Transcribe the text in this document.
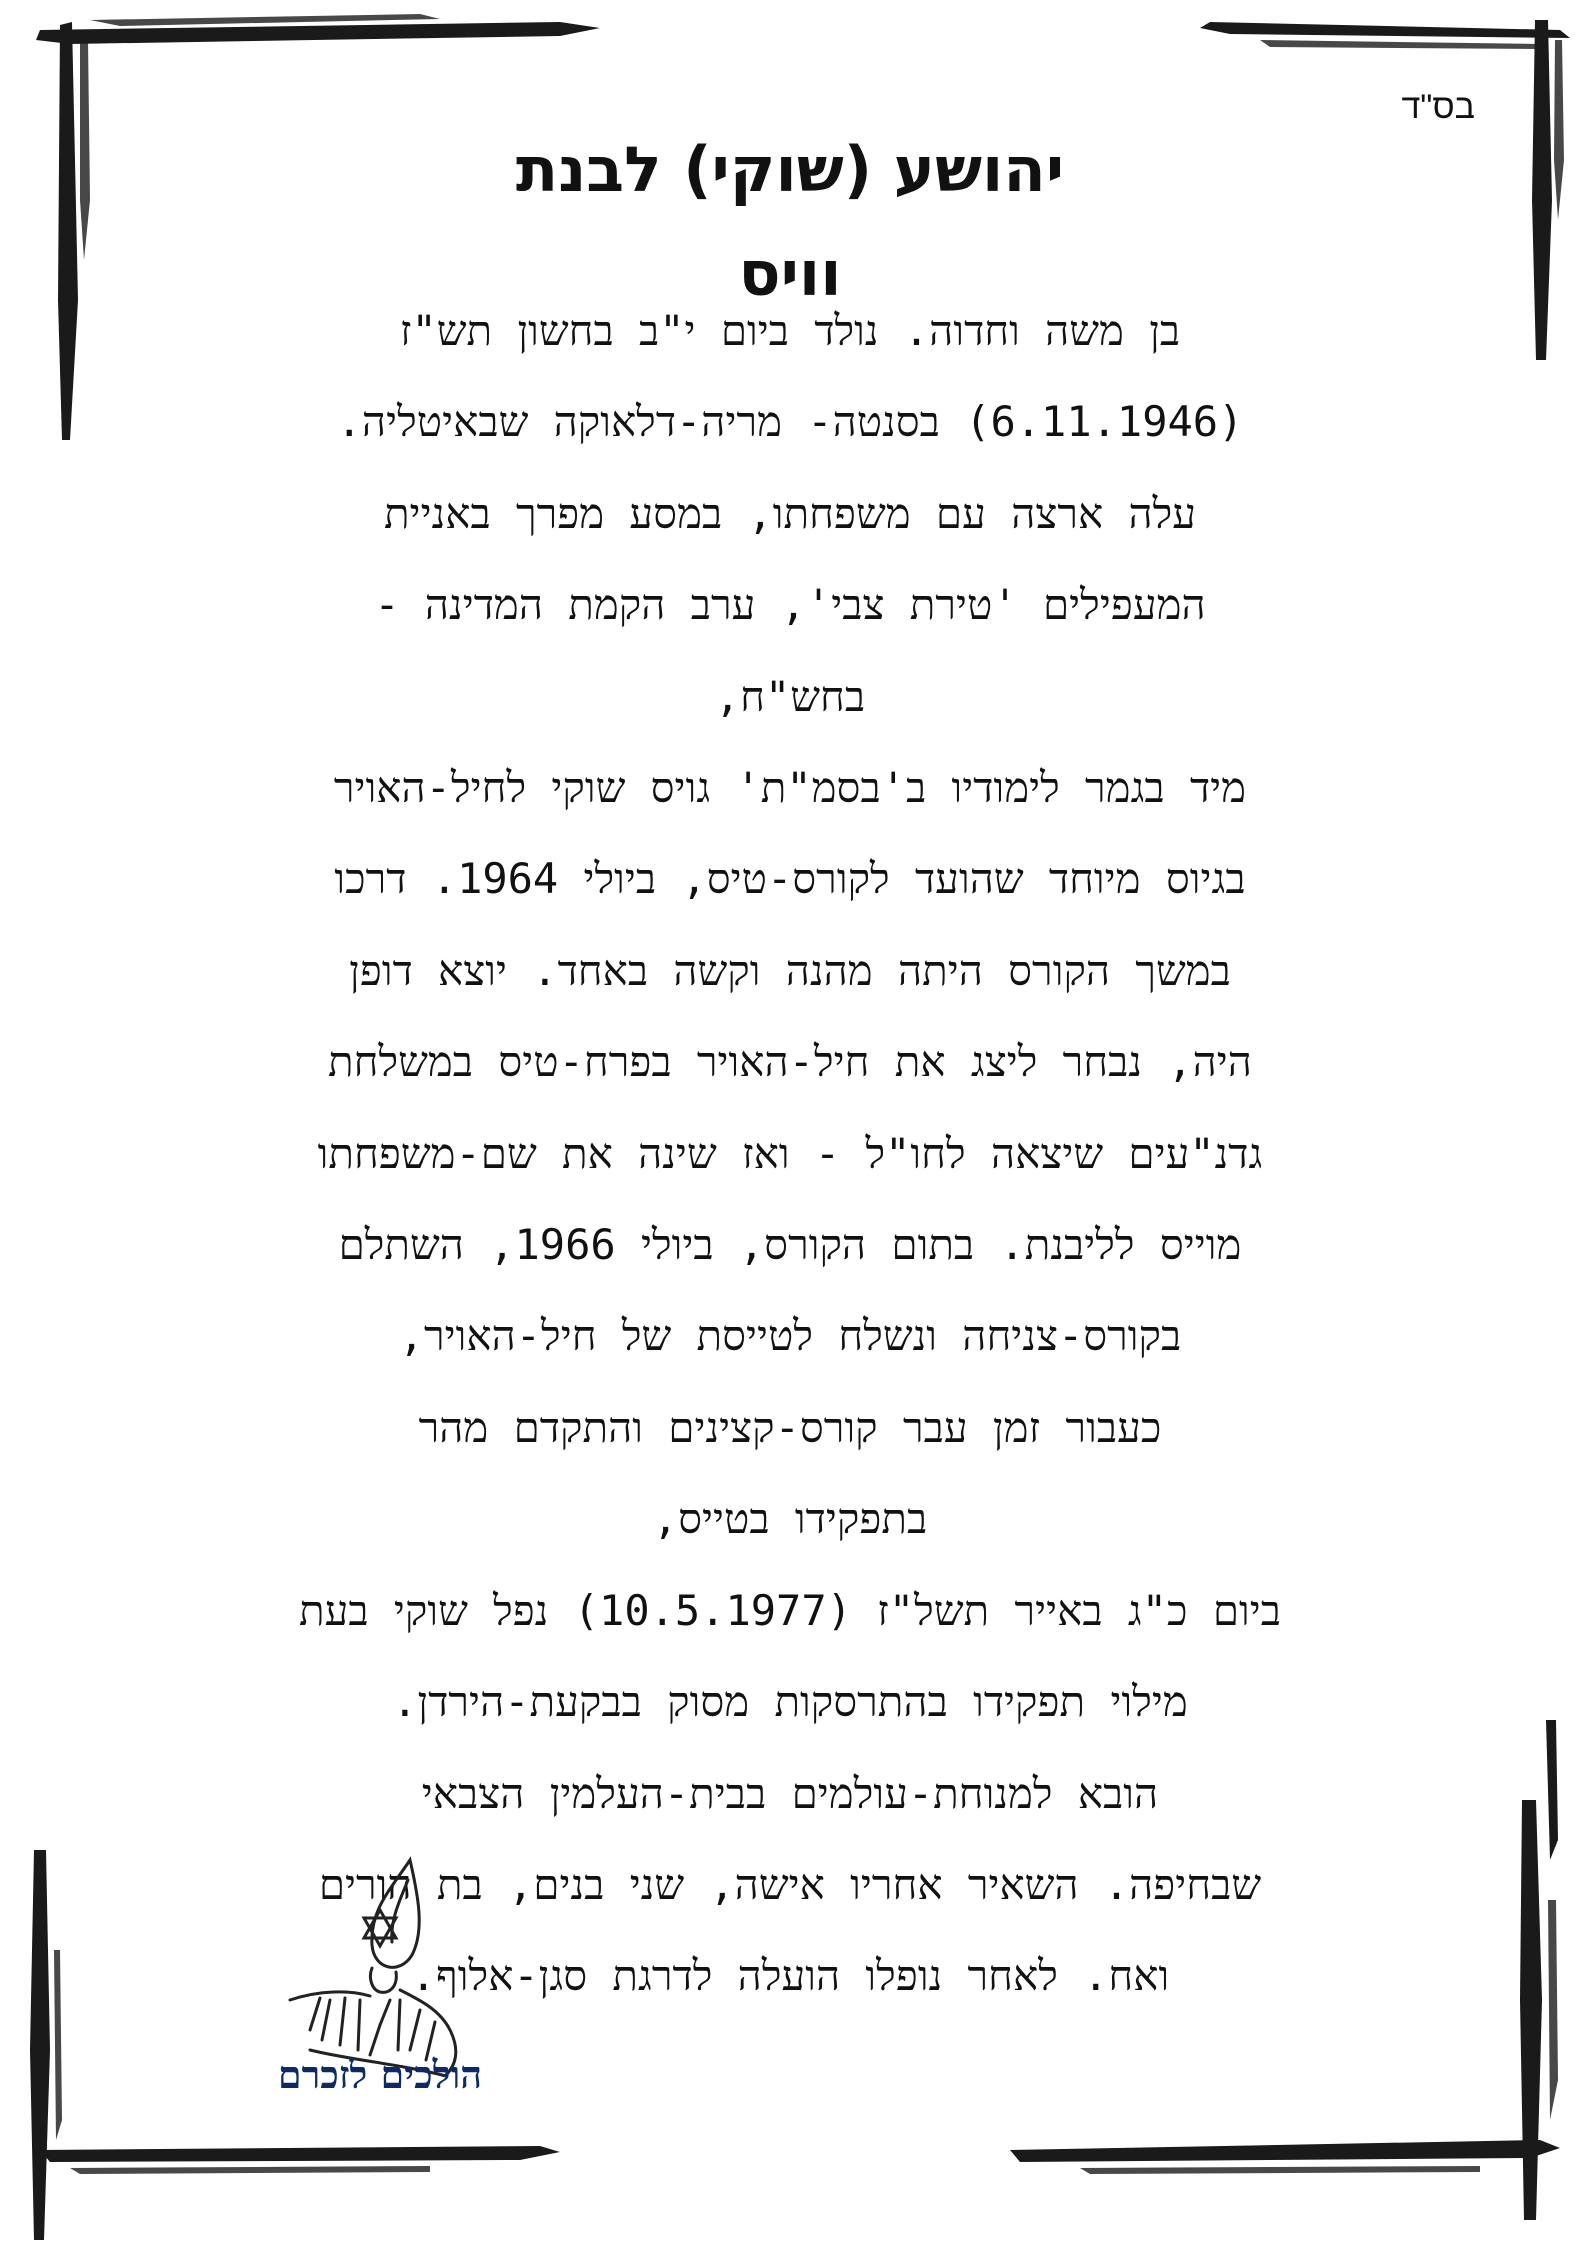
בס"ד
יהושע (שוקי) לבנת
וויס
בן משה וחדוה. נולד ביום י"ב בחשון תש"ז
(6.11.1946) בסנטה- מריה-דלאוקה שבאיטליה.
עלה ארצה עם משפחתו, במסע מפרך באניית
המעפילים 'טירת צבי', ערב הקמת המדינה -
בחש"ח,
מיד בגמר לימודיו ב'בסמ"ת' גויס שוקי לחיל-האויר
בגיוס מיוחד שהועד לקורס-טיס, ביולי 1964. דרכו
במשך הקורס היתה מהנה וקשה באחד. יוצא דופן
היה, נבחר ליצג את חיל-האויר בפרח-טיס במשלחת
גדנ"עים שיצאה לחו"ל - ואז שינה את שם-משפחתו
מוייס לליבנת. בתום הקורס, ביולי 1966, השתלם
בקורס-צניחה ונשלח לטייסת של חיל-האויר,
כעבור זמן עבר קורס-קצינים והתקדם מהר
בתפקידו בטייס,
ביום כ"ג באייר תשל"ז (10.5.1977) נפל שוקי בעת
מילוי תפקידו בהתרסקות מסוק בבקעת-הירדן.
הובא למנוחת-עולמים בבית-העלמין הצבאי
שבחיפה. השאיר אחריו אישה, שני בנים, בת הורים
ואח. לאחר נופלו הועלה לדרגת סגן-אלוף.
הולכים לזכרם
